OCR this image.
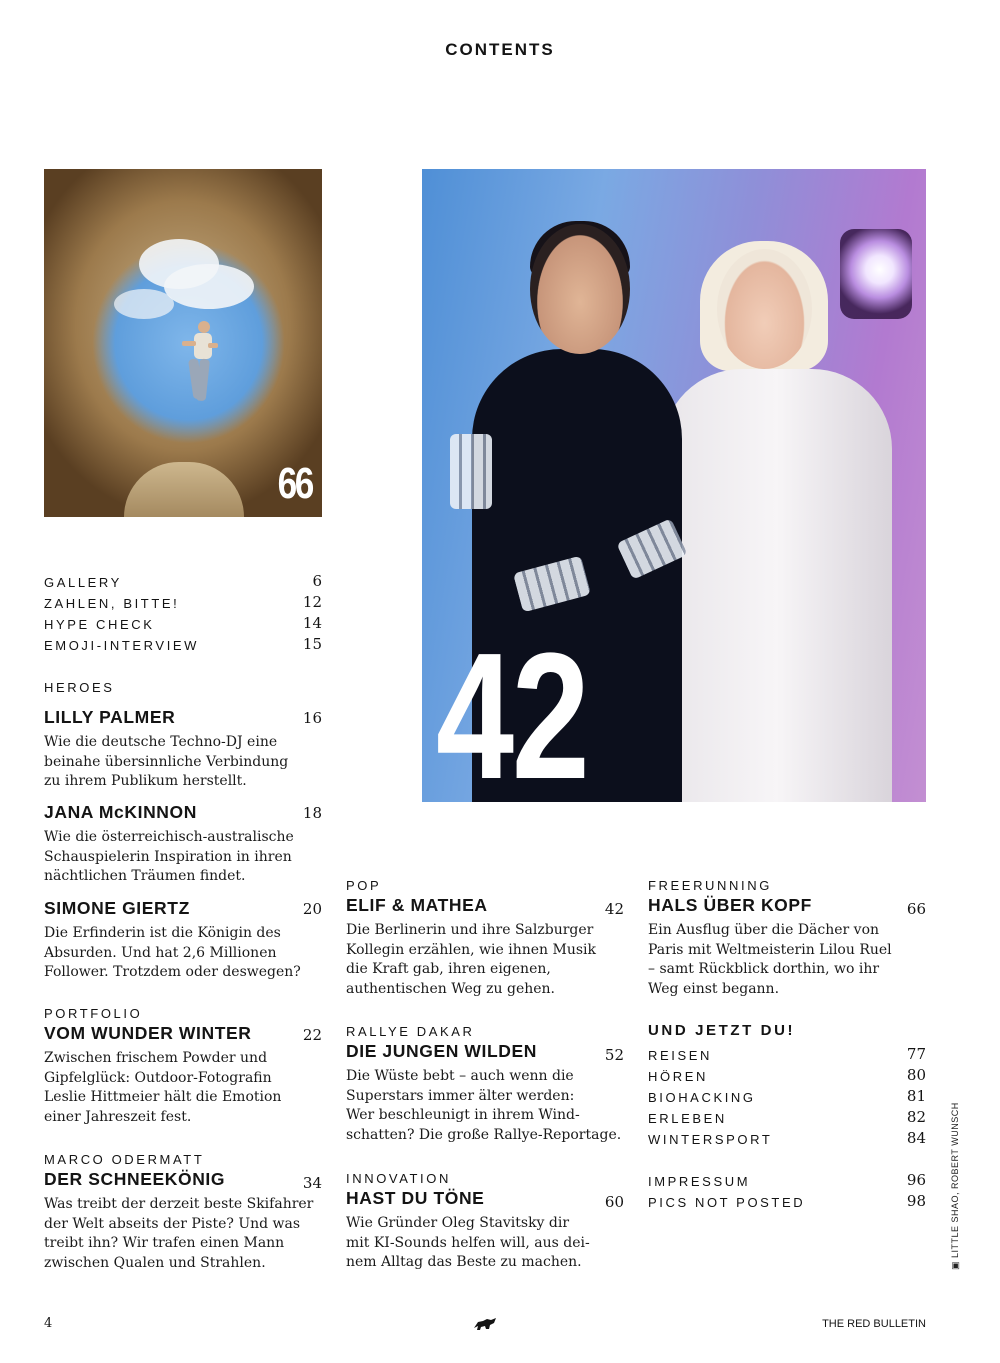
CONTENTS
66
42
GALLERY	6
ZAHLEN, BITTE!	12
HYPE CHECK	14
EMOJI-INTERVIEW	15
HEROES
LILLY PALMER	16
Wie die deutsche Techno-DJ eine
beinahe übersinnliche Verbindung
zu ihrem Publikum herstellt.
JANA McKINNON	18
Wie die österreichisch-australische
Schauspielerin Inspiration in ihren
nächtlichen Träumen findet.
SIMONE GIERTZ	20
Die Erfinderin ist die Königin des
Absurden. Und hat 2,6 Millionen
Follower. Trotzdem oder deswegen?
PORTFOLIO
VOM WUNDER WINTER	22
Zwischen frischem Powder und
Gipfelglück: Outdoor-Fotografin
Leslie Hittmeier hält die Emotion
einer Jahreszeit fest.
MARCO ODERMATT
DER SCHNEEKÖNIG	34
Was treibt der derzeit beste Skifahrer
der Welt abseits der Piste? Und was
treibt ihn? Wir trafen einen Mann
zwischen Qualen und Strahlen.
POP
ELIF & MATHEA	42
Die Berlinerin und ihre Salzburger
Kollegin erzählen, wie ihnen Musik
die Kraft gab, ihren eigenen,
authentischen Weg zu gehen.
RALLYE DAKAR
DIE JUNGEN WILDEN	52
Die Wüste bebt – auch wenn die
Superstars immer älter werden:
Wer beschleunigt in ihrem Wind-
schatten? Die große Rallye-Reportage.
INNOVATION
HAST DU TÖNE	60
Wie Gründer Oleg Stavitsky dir
mit KI-Sounds helfen will, aus dei-
nem Alltag das Beste zu machen.
FREERUNNING
HALS ÜBER KOPF	66
Ein Ausflug über die Dächer von
Paris mit Weltmeisterin Lilou Ruel
– samt Rückblick dorthin, wo ihr
Weg einst begann.
UND JETZT DU!
REISEN	77
HÖREN	80
BIOHACKING	81
ERLEBEN	82
WINTERSPORT	84
IMPRESSUM	96
PICS NOT POSTED	98
4	THE RED BULLETIN
▣ LITTLE SHAO, ROBERT WUNSCH
